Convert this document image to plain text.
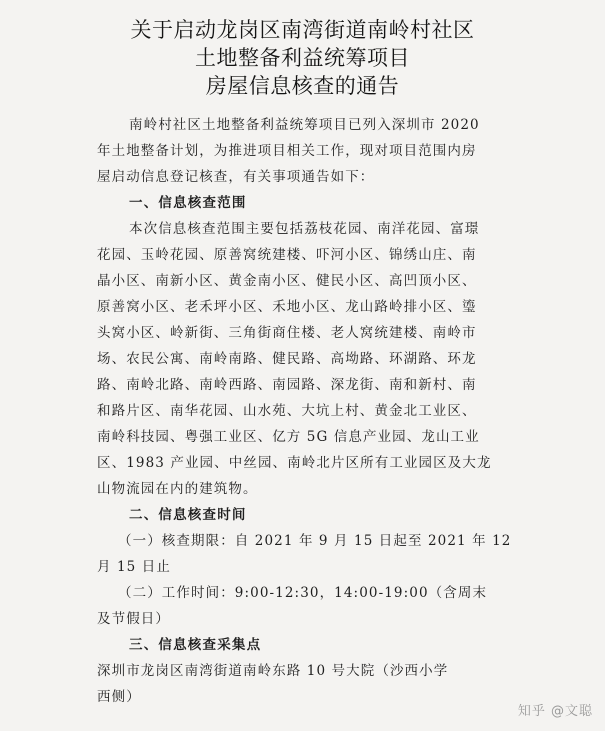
关于启动龙岗区南湾街道南岭村社区
土地整备利益统筹项目
房屋信息核查的通告
南岭村社区土地整备利益统筹项目已列入深圳市 2020
年土地整备计划，为推进项目相关工作，现对项目范围内房
屋启动信息登记核查，有关事项通告如下：
一、信息核查范围
本次信息核查范围主要包括荔枝花园、南洋花园、富璟
花园、玉岭花园、原善窝统建楼、吓河小区、锦绣山庄、南
晶小区、南新小区、黄金南小区、健民小区、高凹顶小区、
原善窝小区、老禾坪小区、禾地小区、龙山路岭排小区、瑬
头窝小区、岭新街、三角街商住楼、老人窝统建楼、南岭市
场、农民公寓、南岭南路、健民路、高坳路、环湖路、环龙
路、南岭北路、南岭西路、南园路、深龙街、南和新村、南
和路片区、南华花园、山水苑、大坑上村、黄金北工业区、
南岭科技园、粤强工业区、亿方 5G 信息产业园、龙山工业
区、1983 产业园、中丝园、南岭北片区所有工业园区及大龙
山物流园在内的建筑物。
二、信息核查时间
（一）核查期限：自 2021 年 9 月 15 日起至 2021 年 12
月 15 日止
（二）工作时间：9:00-12:30，14:00-19:00（含周末
及节假日）
三、信息核查采集点
深圳市龙岗区南湾街道南岭东路 10 号大院（沙西小学
西侧）
知乎 @文聪
